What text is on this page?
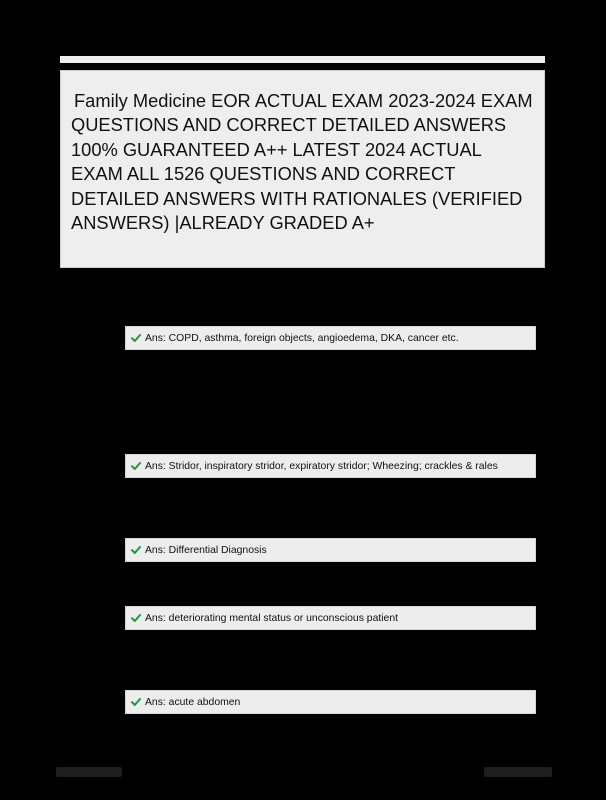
Family Medicine EOR ACTUAL EXAM 2023-2024 EXAM QUESTIONS AND CORRECT DETAILED ANSWERS 100% GUARANTEED A++ LATEST 2024 ACTUAL EXAM ALL 1526 QUESTIONS AND CORRECT DETAILED ANSWERS WITH RATIONALES (VERIFIED ANSWERS) |ALREADY GRADED A+

Ans: COPD, asthma, foreign objects, angioedema, DKA, cancer etc.
Ans: Stridor, inspiratory stridor, expiratory stridor; Wheezing; crackles & rales
Ans: Differential Diagnosis
Ans: deteriorating mental status or unconscious patient
Ans: acute abdomen
